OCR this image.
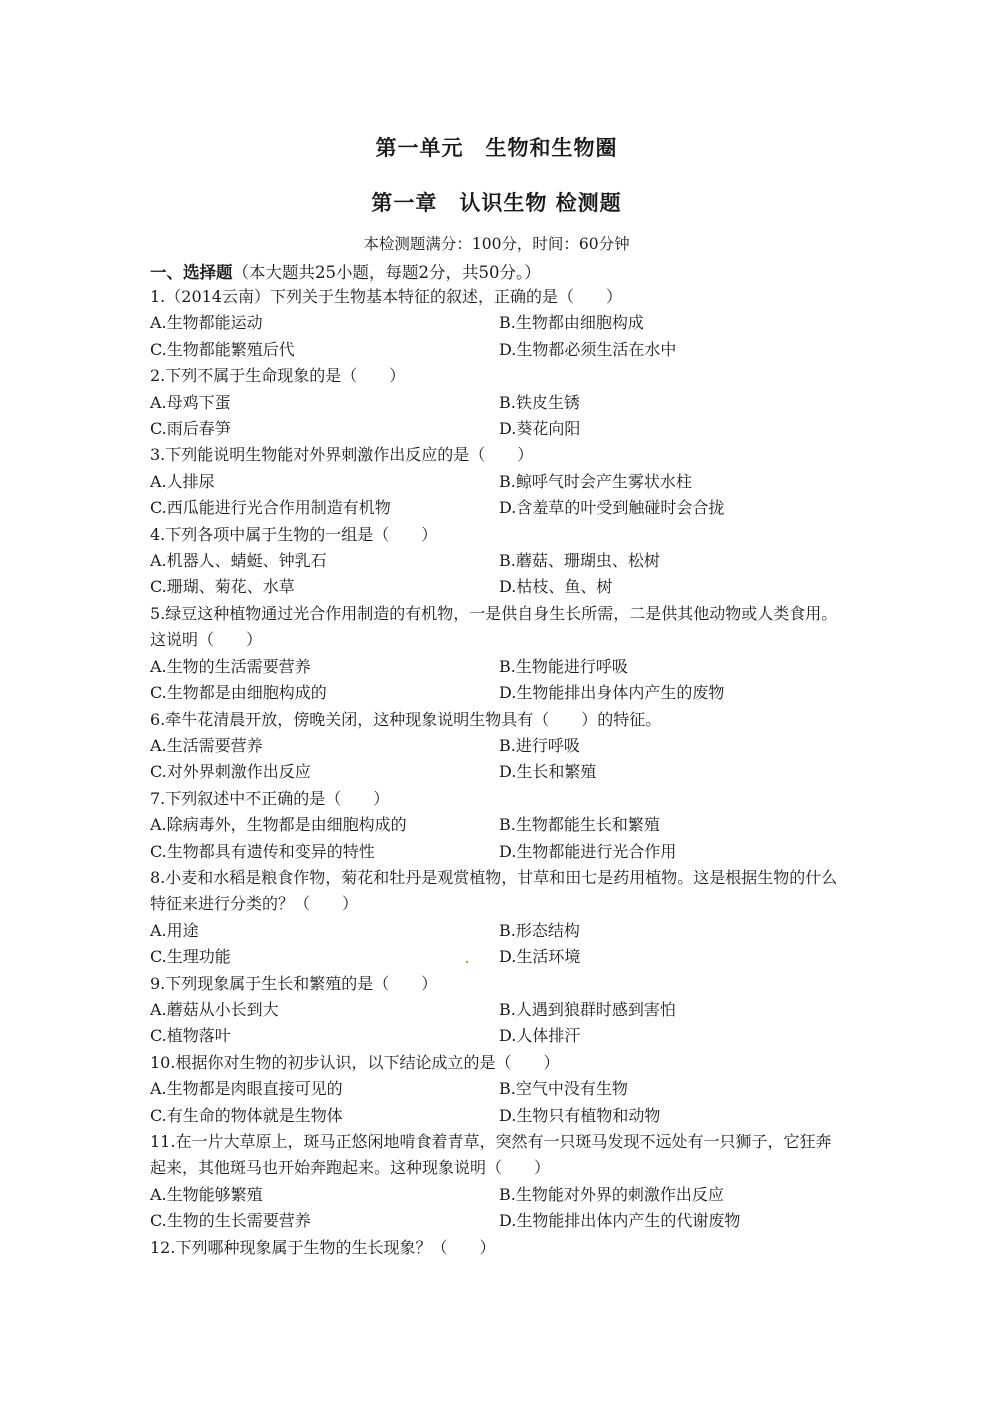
第一单元　生物和生物圈
第一章　认识生物 检测题
本检测题满分：100分，时间：60分钟
一、选择题（本大题共25小题，每题2分，共50分。）
1.（2014云南）下列关于生物基本特征的叙述，正确的是（　　）
A.生物都能运动	B.生物都由细胞构成
C.生物都能繁殖后代	D.生物都必须生活在水中
2.下列不属于生命现象的是（　　）
A.母鸡下蛋	B.铁皮生锈
C.雨后春笋	D.葵花向阳
3.下列能说明生物能对外界刺激作出反应的是（　　）
A.人排尿	B.鲸呼气时会产生雾状水柱
C.西瓜能进行光合作用制造有机物	D.含羞草的叶受到触碰时会合拢
4.下列各项中属于生物的一组是（　　）
A.机器人、蜻蜓、钟乳石	B.蘑菇、珊瑚虫、松树
C.珊瑚、菊花、水草	D.枯枝、鱼、树
5.绿豆这种植物通过光合作用制造的有机物，一是供自身生长所需，二是供其他动物或人类食用。这说明（　　）
A.生物的生活需要营养	B.生物能进行呼吸
C.生物都是由细胞构成的	D.生物能排出身体内产生的废物
6.牵牛花清晨开放，傍晚关闭，这种现象说明生物具有（　　）的特征。
A.生活需要营养	B.进行呼吸
C.对外界刺激作出反应	D.生长和繁殖
7.下列叙述中不正确的是（　　）
A.除病毒外，生物都是由细胞构成的	B.生物都能生长和繁殖
C.生物都具有遗传和变异的特性	D.生物都能进行光合作用
8.小麦和水稻是粮食作物，菊花和牡丹是观赏植物，甘草和田七是药用植物。这是根据生物的什么特征来进行分类的？（　　）
A.用途	B.形态结构
C.生理功能	D.生活环境
9.下列现象属于生长和繁殖的是（　　）
A.蘑菇从小长到大	B.人遇到狼群时感到害怕
C.植物落叶	D.人体排汗
10.根据你对生物的初步认识，以下结论成立的是（　　）
A.生物都是肉眼直接可见的	B.空气中没有生物
C.有生命的物体就是生物体	D.生物只有植物和动物
11.在一片大草原上，斑马正悠闲地啃食着青草，突然有一只斑马发现不远处有一只狮子，它狂奔起来，其他斑马也开始奔跑起来。这种现象说明（　　）
A.生物能够繁殖	B.生物能对外界的刺激作出反应
C.生物的生长需要营养	D.生物能排出体内产生的代谢废物
12.下列哪种现象属于生物的生长现象？（　　）
